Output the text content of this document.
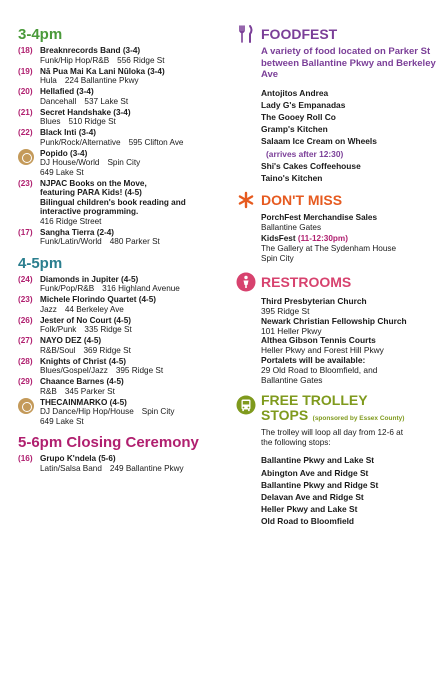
3-4pm
(18) Breaknrecords Band (3-4)
Funk/Hip Hop/R&B 556 Ridge St
(19) Nā Pua Mai Ka Lani Nūloka (3-4)
Hula 224 Ballantine Pkwy
(20) Hellafied (3-4)
Dancehall 537 Lake St
(21) Secret Handshake (3-4)
Blues 510 Ridge St
(22) Black Inti (3-4)
Punk/Rock/Alternative 595 Clifton Ave
Popido (3-4)
DJ House/World Spin City
649 Lake St
(23) NJPAC Books on the Move,
featuring PARA Kids! (4-5)
Bilingual children's book reading and
interactive programming.
416 Ridge Street
(17) Sangha Tierra (2-4)
Funk/Latin/World 480 Parker St
4-5pm
(24) Diamonds in Jupiter (4-5)
Funk/Pop/R&B 316 Highland Avenue
(23) Michele Florindo Quartet (4-5)
Jazz 44 Berkeley Ave
(26) Jester of No Court (4-5)
Folk/Punk 335 Ridge St
(27) NAYO DEZ (4-5)
R&B/Soul 369 Ridge St
(28) Knights of Christ (4-5)
Blues/Gospel/Jazz 395 Ridge St
(29) Chaance Barnes (4-5)
R&B 345 Parker St
THECAINMARKO (4-5)
DJ Dance/Hip Hop/House Spin City
649 Lake St
5-6pm Closing Ceremony
(16) Grupo K'ndela (5-6)
Latin/Salsa Band 249 Ballantine Pkwy
FOODFEST
A variety of food located on Parker St between Ballantine Pkwy and Berkeley Ave
Antojitos Andrea
Lady G's Empanadas
The Gooey Roll Co
Gramp's Kitchen
Salaam Ice Cream on Wheels
(arrives after 12:30)
Shi's Cakes Coffeehouse
Taino's Kitchen
DON'T MISS
PorchFest Merchandise Sales
Ballantine Gates
KidsFest (11-12:30pm)
The Gallery at The Sydenham House
Spin City
RESTROOMS
Third Presbyterian Church
395 Ridge St
Newark Christian Fellowship Church
101 Heller Pkwy
Althea Gibson Tennis Courts
Heller Pkwy and Forest Hill Pkwy
Portalets will be available:
29 Old Road to Bloomfield, and
Ballantine Gates
FREE TROLLEY
STOPS (sponsored by Essex County)
The trolley will loop all day from 12-6 at
the following stops:
Ballantine Pkwy and Lake St
Abington Ave and Ridge St
Ballantine Pkwy and Ridge St
Delavan Ave and Ridge St
Heller Pkwy and Lake St
Old Road to Bloomfield
